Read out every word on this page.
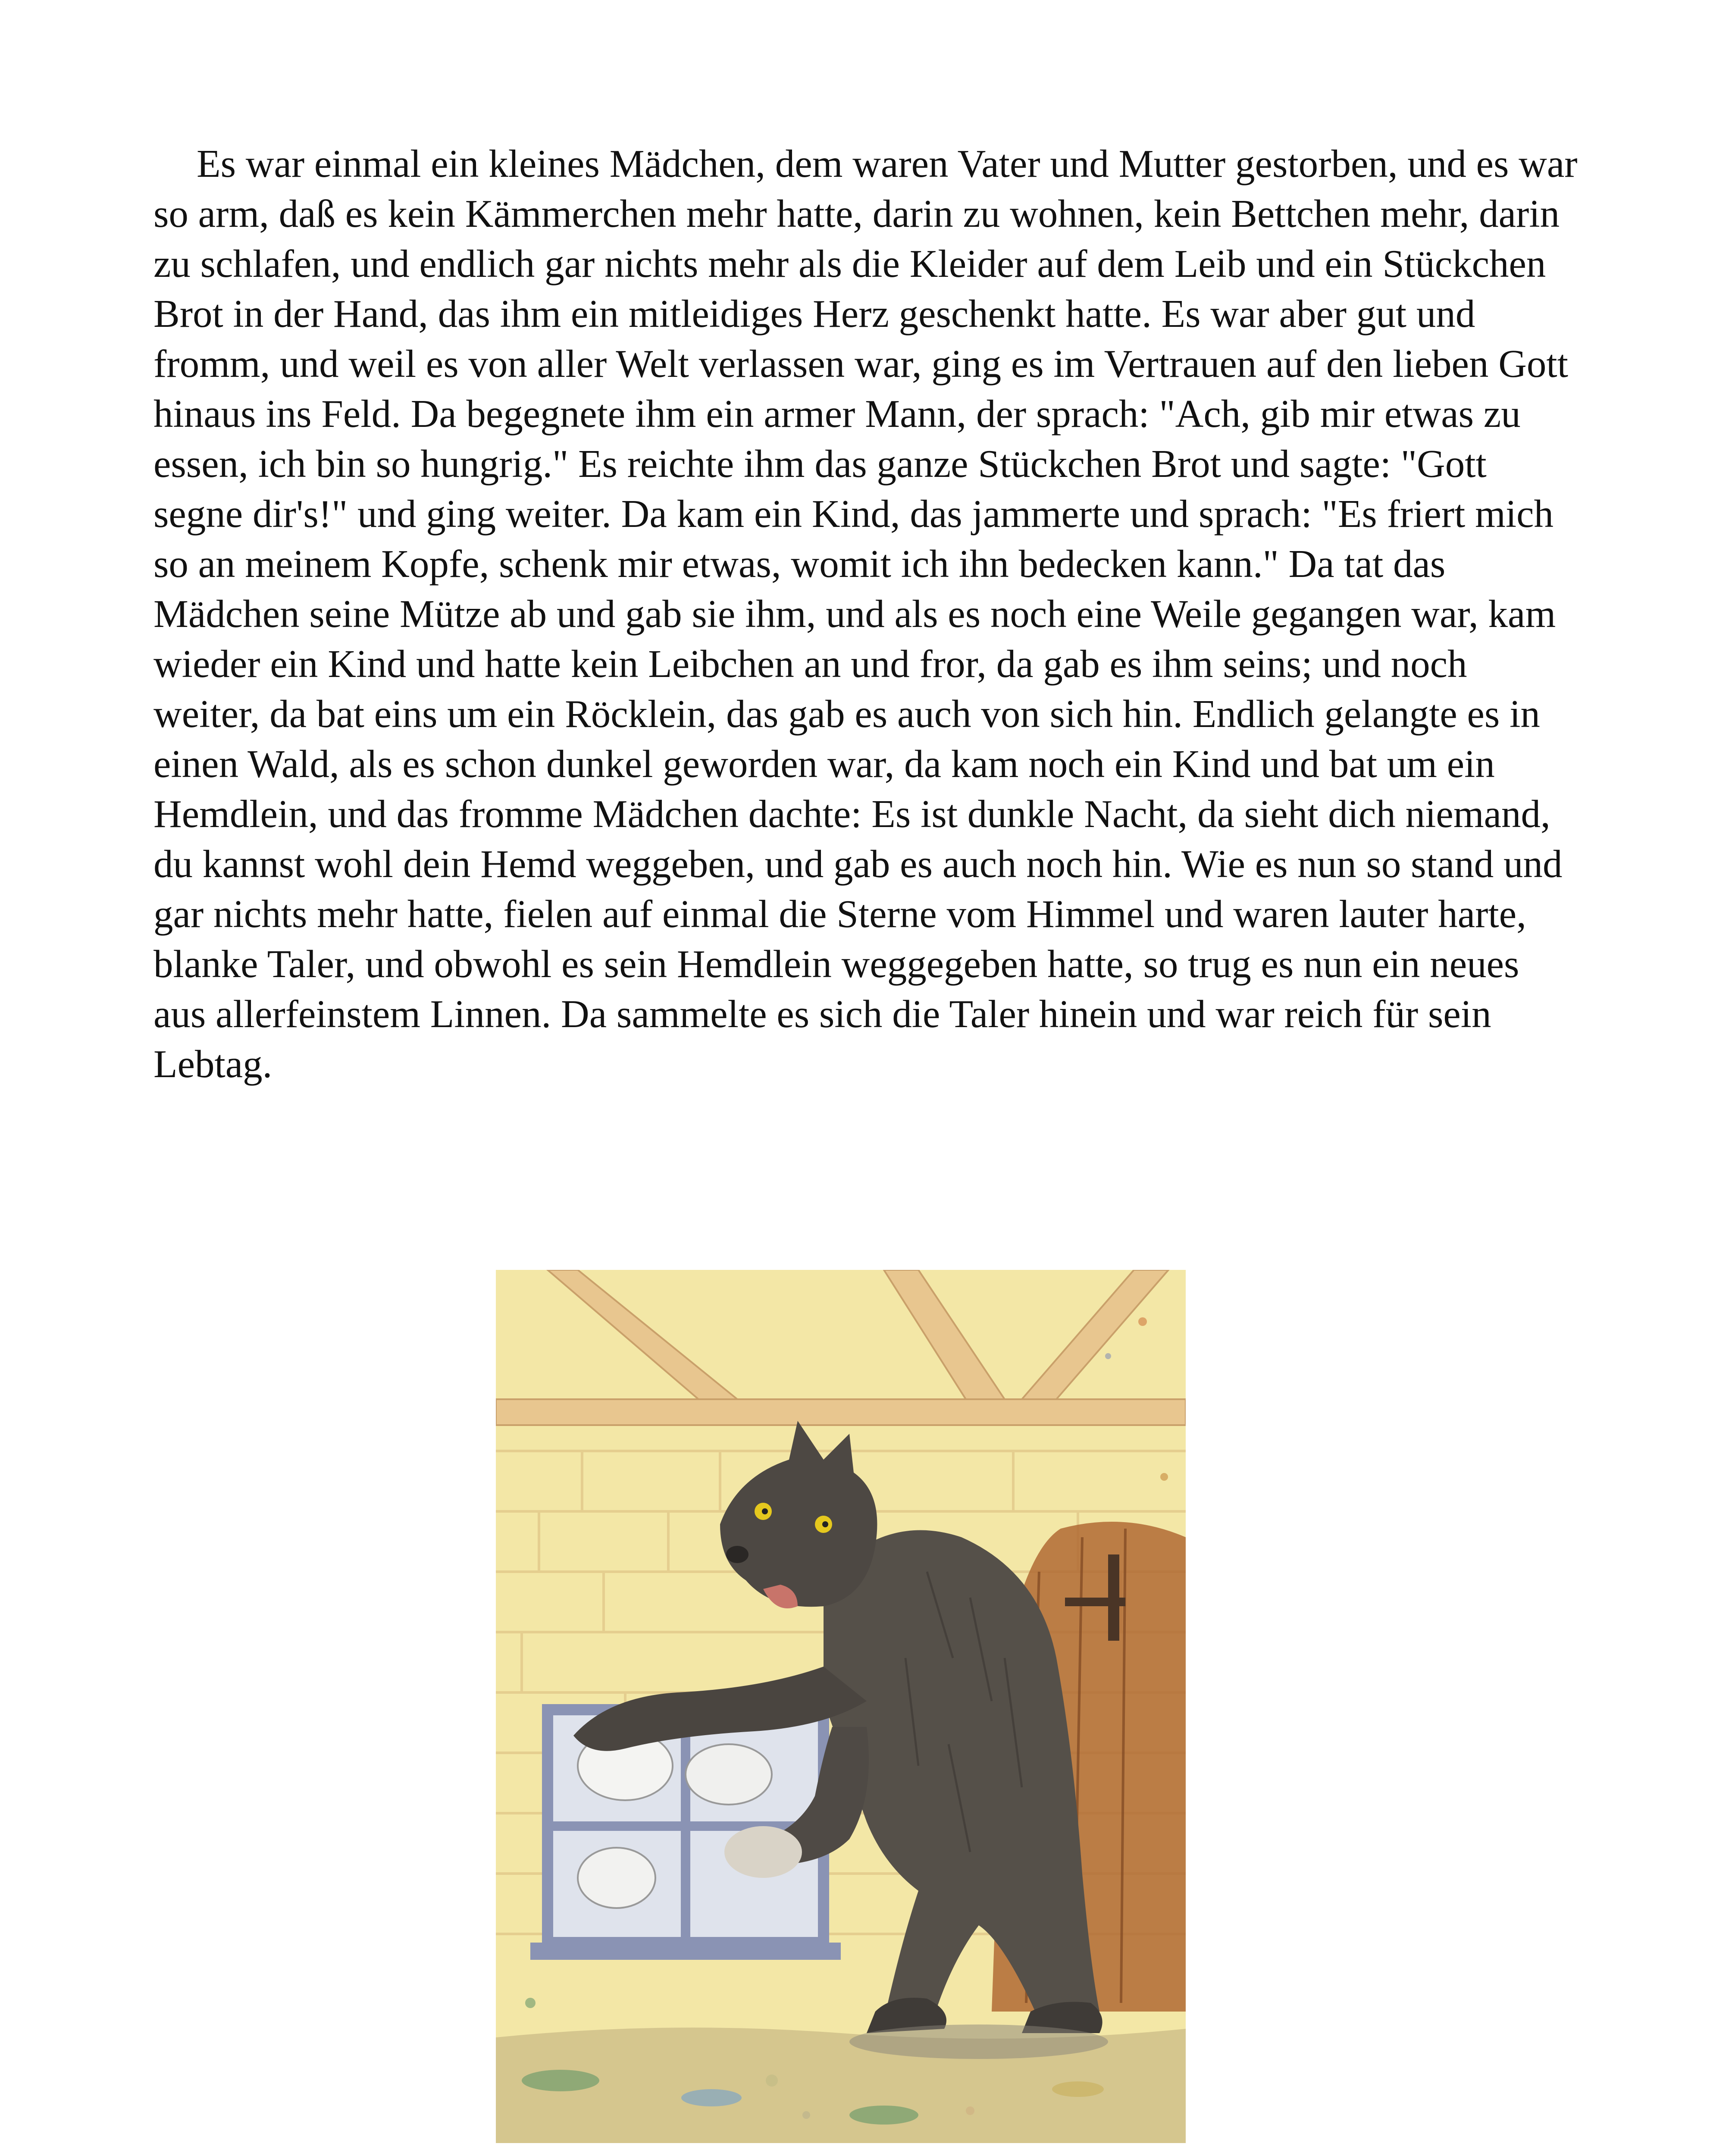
Es war einmal ein kleines Mädchen, dem waren Vater und Mutter gestorben, und es war so arm, daß es kein Kämmerchen mehr hatte, darin zu wohnen, kein Bettchen mehr, darin zu schlafen, und endlich gar nichts mehr als die Kleider auf dem Leib und ein Stückchen Brot in der Hand, das ihm ein mitleidiges Herz geschenkt hatte. Es war aber gut und fromm, und weil es von aller Welt verlassen war, ging es im Vertrauen auf den lieben Gott hinaus ins Feld. Da begegnete ihm ein armer Mann, der sprach: "Ach, gib mir etwas zu essen, ich bin so hungrig." Es reichte ihm das ganze Stückchen Brot und sagte: "Gott segne dir's!" und ging weiter. Da kam ein Kind, das jammerte und sprach: "Es friert mich so an meinem Kopfe, schenk mir etwas, womit ich ihn bedecken kann." Da tat das Mädchen seine Mütze ab und gab sie ihm, und als es noch eine Weile gegangen war, kam wieder ein Kind und hatte kein Leibchen an und fror, da gab es ihm seins; und noch weiter, da bat eins um ein Röcklein, das gab es auch von sich hin. Endlich gelangte es in einen Wald, als es schon dunkel geworden war, da kam noch ein Kind und bat um ein Hemdlein, und das fromme Mädchen dachte: Es ist dunkle Nacht, da sieht dich niemand, du kannst wohl dein Hemd weggeben, und gab es auch noch hin. Wie es nun so stand und gar nichts mehr hatte, fielen auf einmal die Sterne vom Himmel und waren lauter harte, blanke Taler, und obwohl es sein Hemdlein weggegeben hatte, so trug es nun ein neues aus allerfeinstem Linnen. Da sammelte es sich die Taler hinein und war reich für sein Lebtag.
